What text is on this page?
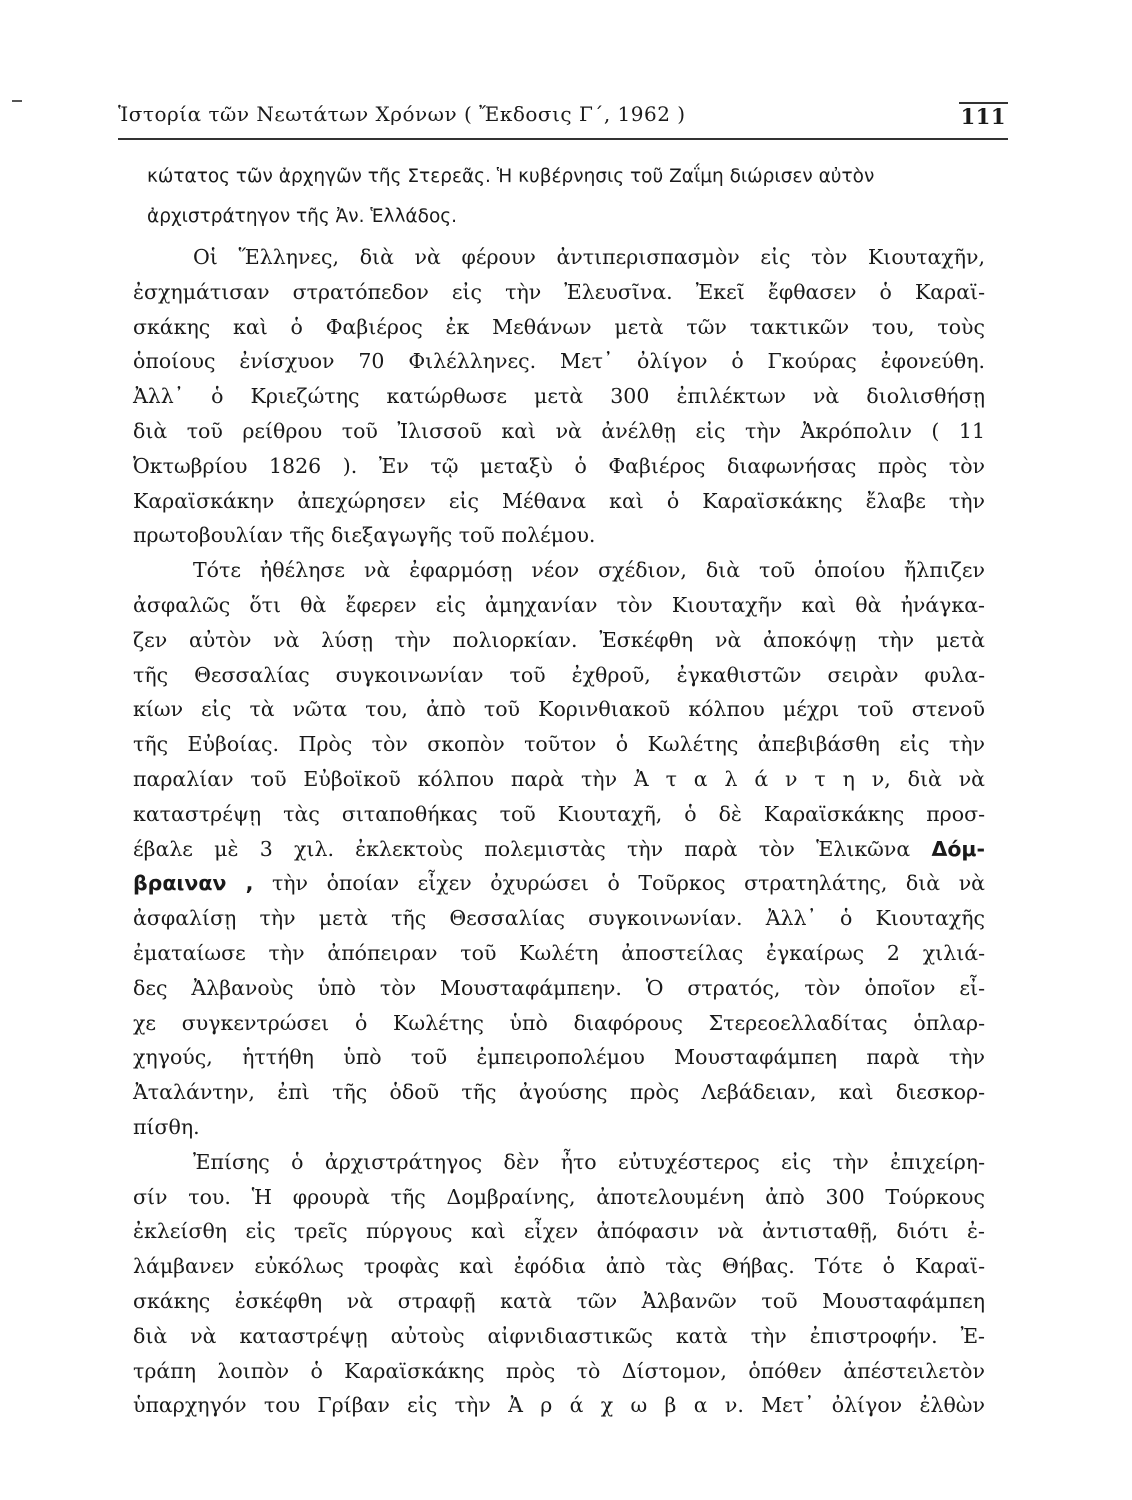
Ἱστορία τῶν Νεωτάτων Χρόνων ( Ἔκδοσις Γ΄, 1962 )	111
κώτατος τῶν ἀρχηγῶν τῆς Στερεᾶς. Ἡ κυβέρνησις τοῦ Ζαΐμη διώρισεν αὐτὸν
ἀρχιστράτηγον τῆς Ἀν. Ἑλλάδος.
Οἱ Ἕλληνες, διὰ νὰ φέρουν ἀντιπερισπασμὸν εἰς τὸν Κιουταχῆν,
ἐσχημάτισαν στρατόπεδον εἰς τὴν Ἐλευσῖνα. Ἐκεῖ ἔφθασεν ὁ Καραϊ-
σκάκης καὶ ὁ Φαβιέρος ἐκ Μεθάνων μετὰ τῶν τακτικῶν του, τοὺς
ὁποίους ἐνίσχυον 70 Φιλέλληνες. Μετ᾽ ὀλίγον ὁ Γκούρας ἐφονεύθη.
Ἀλλ᾽ ὁ Κριεζώτης κατώρθωσε μετὰ 300 ἐπιλέκτων νὰ διολισθήσῃ
διὰ τοῦ ρείθρου τοῦ Ἰλισσοῦ καὶ νὰ ἀνέλθῃ εἰς τὴν Ἀκρόπολιν ( 11
Ὀκτωβρίου 1826 ). Ἐν τῷ μεταξὺ ὁ Φαβιέρος διαφωνήσας πρὸς τὸν
Καραϊσκάκην ἀπεχώρησεν εἰς Μέθανα καὶ ὁ Καραϊσκάκης ἔλαβε τὴν
πρωτοβουλίαν τῆς διεξαγωγῆς τοῦ πολέμου.
Τότε ἠθέλησε νὰ ἐφαρμόσῃ νέον σχέδιον, διὰ τοῦ ὁποίου ἤλπιζεν
ἀσφαλῶς ὅτι θὰ ἔφερεν εἰς ἀμηχανίαν τὸν Κιουταχῆν καὶ θὰ ἠνάγκα-
ζεν αὐτὸν νὰ λύσῃ τὴν πολιορκίαν. Ἐσκέφθη νὰ ἀποκόψῃ τὴν μετὰ
τῆς Θεσσαλίας συγκοινωνίαν τοῦ ἐχθροῦ, ἐγκαθιστῶν σειρὰν φυλα-
κίων εἰς τὰ νῶτα του, ἀπὸ τοῦ Κορινθιακοῦ κόλπου μέχρι τοῦ στενοῦ
τῆς Εὐβοίας. Πρὸς τὸν σκοπὸν τοῦτον ὁ Κωλέτης ἀπεβιβάσθη εἰς τὴν
παραλίαν τοῦ Εὐβοϊκοῦ κόλπου παρὰ τὴν Ἀ τ α λ ά ν τ η ν, διὰ νὰ
καταστρέψῃ τὰς σιταποθήκας τοῦ Κιουταχῆ, ὁ δὲ Καραϊσκάκης προσ-
έβαλε μὲ 3 χιλ. ἐκλεκτοὺς πολεμιστὰς τὴν παρὰ τὸν Ἑλικῶνα Δόμ-
βραιναν , τὴν ὁποίαν εἶχεν ὀχυρώσει ὁ Τοῦρκος στρατηλάτης, διὰ νὰ
ἀσφαλίσῃ τὴν μετὰ τῆς Θεσσαλίας συγκοινωνίαν. Ἀλλ᾽ ὁ Κιουταχῆς
ἐματαίωσε τὴν ἀπόπειραν τοῦ Κωλέτη ἀποστείλας ἐγκαίρως 2 χιλιά-
δες Ἀλβανοὺς ὑπὸ τὸν Μουσταφάμπεην. Ὁ στρατός, τὸν ὁποῖον εἶ-
χε συγκεντρώσει ὁ Κωλέτης ὑπὸ διαφόρους Στερεοελλαδίτας ὁπλαρ-
χηγούς, ἡττήθη ὑπὸ τοῦ ἐμπειροπολέμου Μουσταφάμπεη παρὰ τὴν
Ἀταλάντην, ἐπὶ τῆς ὁδοῦ τῆς ἀγούσης πρὸς Λεβάδειαν, καὶ διεσκορ-
πίσθη.
Ἐπίσης ὁ ἀρχιστράτηγος δὲν ἦτο εὐτυχέστερος εἰς τὴν ἐπιχείρη-
σίν του. Ἡ φρουρὰ τῆς Δομβραίνης, ἀποτελουμένη ἀπὸ 300 Τούρκους
ἐκλείσθη εἰς τρεῖς πύργους καὶ εἶχεν ἀπόφασιν νὰ ἀντισταθῇ, διότι ἐ-
λάμβανεν εὐκόλως τροφὰς καὶ ἐφόδια ἀπὸ τὰς Θήβας. Τότε ὁ Καραϊ-
σκάκης ἐσκέφθη νὰ στραφῇ κατὰ τῶν Ἀλβανῶν τοῦ Μουσταφάμπεη
διὰ νὰ καταστρέψῃ αὐτοὺς αἰφνιδιαστικῶς κατὰ τὴν ἐπιστροφήν. Ἐ-
τράπη λοιπὸν ὁ Καραϊσκάκης πρὸς τὸ Δίστομον, ὁπόθεν ἀπέστειλετὸν
ὑπαρχηγόν του Γρίβαν εἰς τὴν Ἀ ρ ά χ ω β α ν. Μετ᾽ ὀλίγον ἐλθὼν
